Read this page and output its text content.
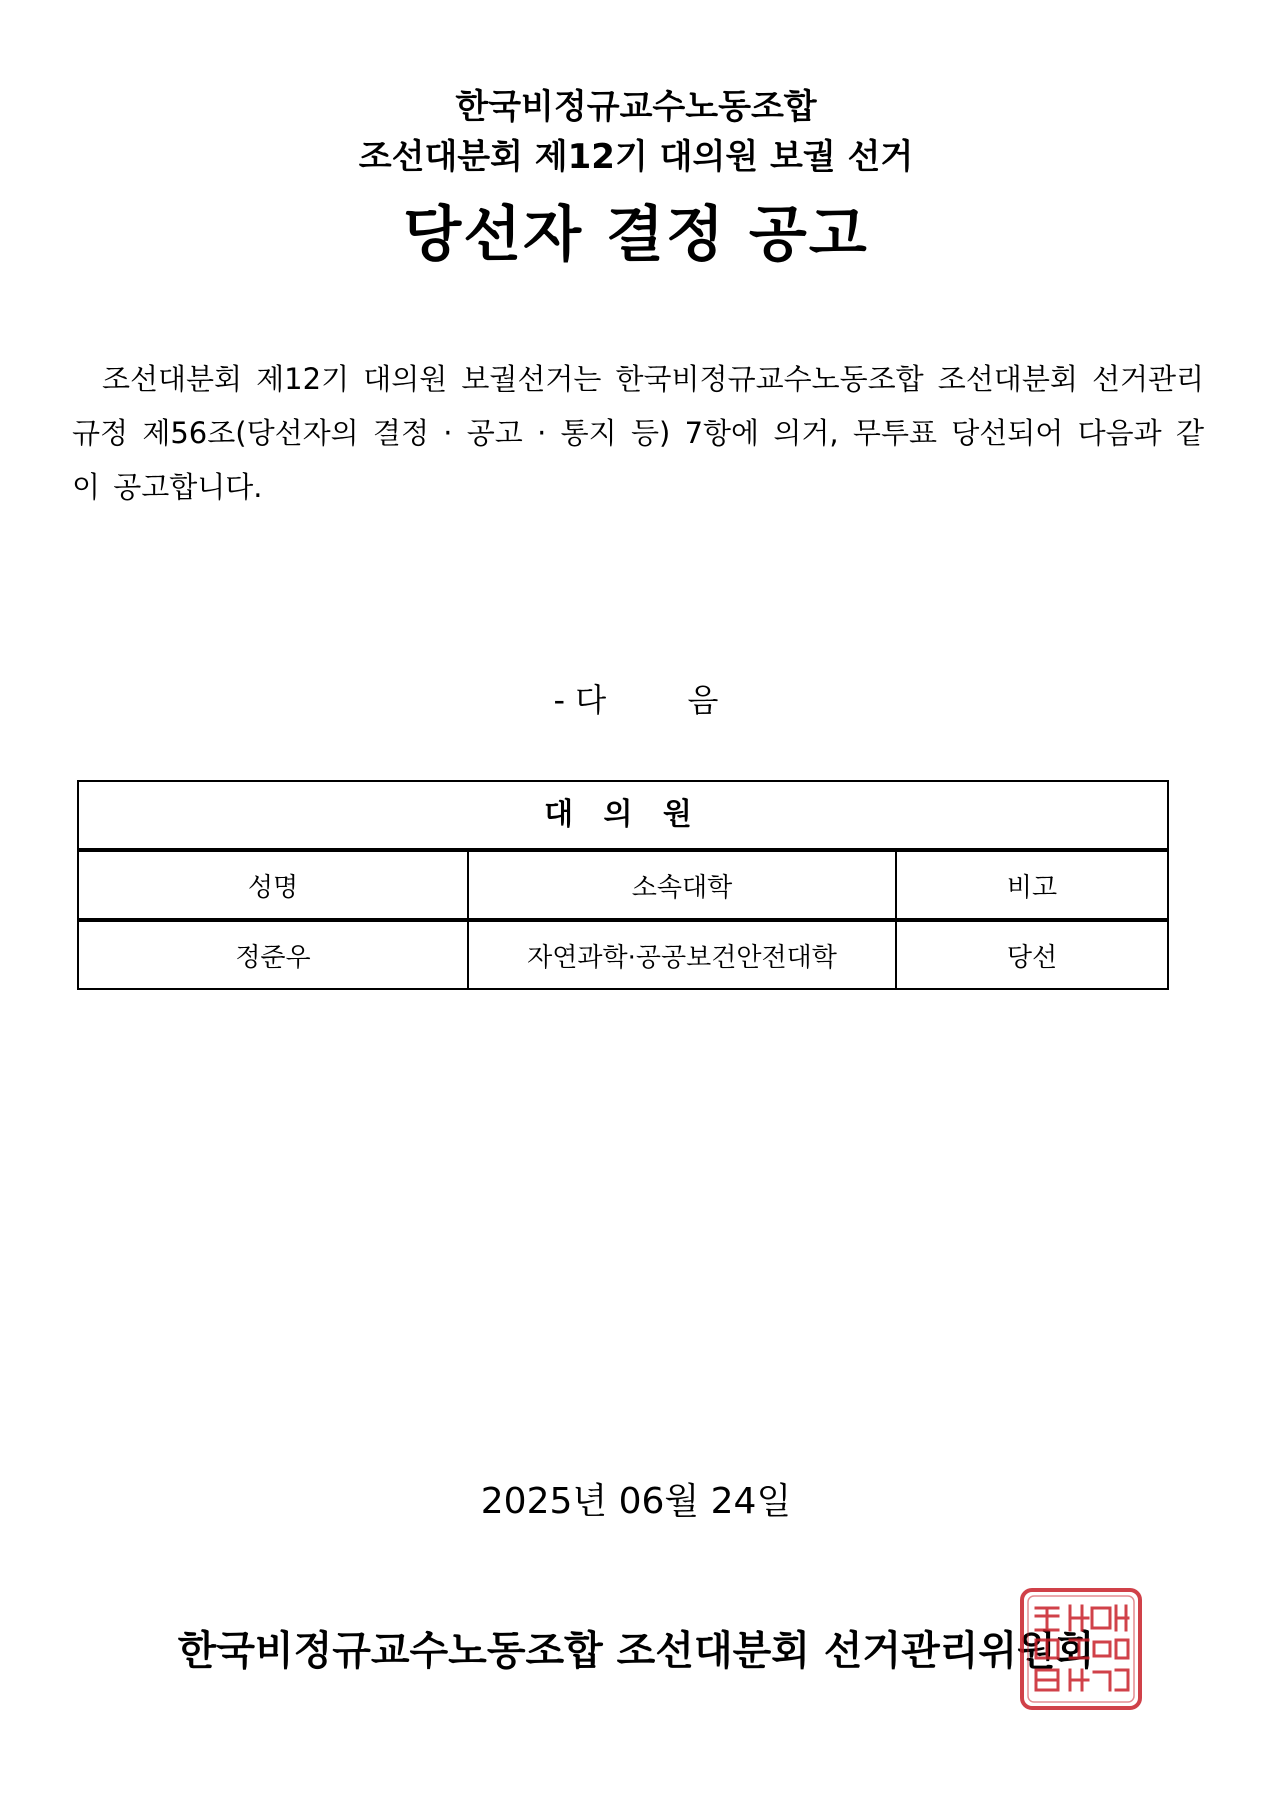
한국비정규교수노동조합
조선대분회 제12기 대의원 보궐 선거
당선자 결정 공고
조선대분회 제12기 대의원 보궐선거는 한국비정규교수노동조합 조선대분회 선거관리규정 제56조(당선자의 결정 · 공고 · 통지 등) 7항에 의거, 무투표 당선되어 다음과 같이 공고합니다.
- 다        음
대 의 원
성명	소속대학	비고
정준우	자연과학·공공보건안전대학	당선
2025년 06월 24일
한국비정규교수노동조합 조선대분회 선거관리위원회
